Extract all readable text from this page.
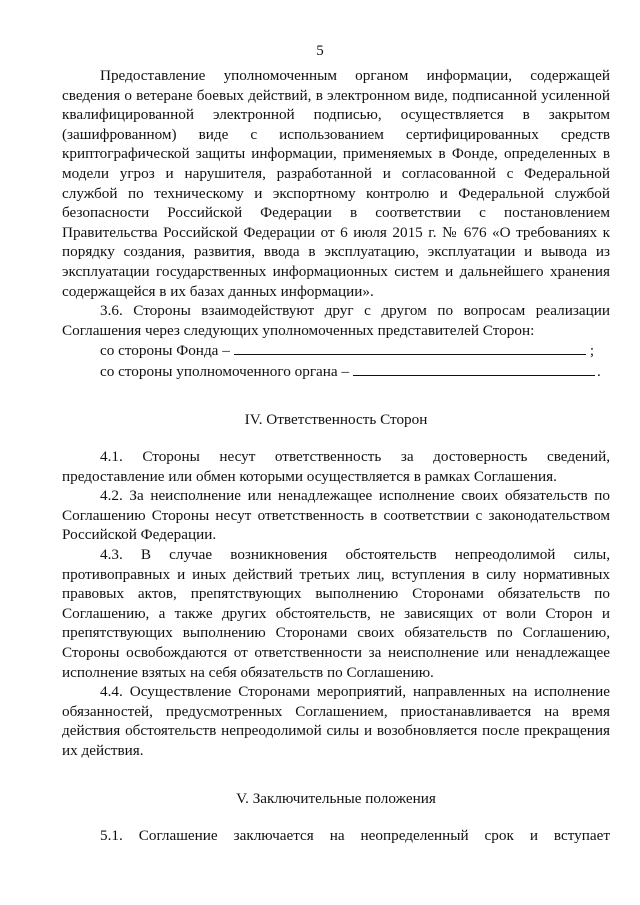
5

Предоставление уполномоченным органом информации, содержащей сведения о ветеране боевых действий, в электронном виде, подписанной усиленной квалифицированной электронной подписью, осуществляется в закрытом (зашифрованном) виде с использованием сертифицированных средств криптографической защиты информации, применяемых в Фонде, определенных в модели угроз и нарушителя, разработанной и согласованной с Федеральной службой по техническому и экспортному контролю и Федеральной службой безопасности Российской Федерации в соответствии с постановлением Правительства Российской Федерации от 6 июля 2015 г. № 676 «О требованиях к порядку создания, развития, ввода в эксплуатацию, эксплуатации и вывода из эксплуатации государственных информационных систем и дальнейшего хранения содержащейся в их базах данных информации».

3.6. Стороны взаимодействуют друг с другом по вопросам реализации Соглашения через следующих уполномоченных представителей Сторон:

со стороны Фонда –	;
со стороны уполномоченного органа –	.

IV. Ответственность Сторон

4.1. Стороны несут ответственность за достоверность сведений, предоставление или обмен которыми осуществляется в рамках Соглашения.

4.2. За неисполнение или ненадлежащее исполнение своих обязательств по Соглашению Стороны несут ответственность в соответствии с законодательством Российской Федерации.

4.3. В случае возникновения обстоятельств непреодолимой силы, противоправных и иных действий третьих лиц, вступления в силу нормативных правовых актов, препятствующих выполнению Сторонами обязательств по Соглашению, а также других обстоятельств, не зависящих от воли Сторон и препятствующих выполнению Сторонами своих обязательств по Соглашению, Стороны освобождаются от ответственности за неисполнение или ненадлежащее исполнение взятых на себя обязательств по Соглашению.

4.4. Осуществление Сторонами мероприятий, направленных на исполнение обязанностей, предусмотренных Соглашением, приостанавливается на время действия обстоятельств непреодолимой силы и возобновляется после прекращения их действия.

V. Заключительные положения

5.1. Соглашение заключается на неопределенный срок и вступает
